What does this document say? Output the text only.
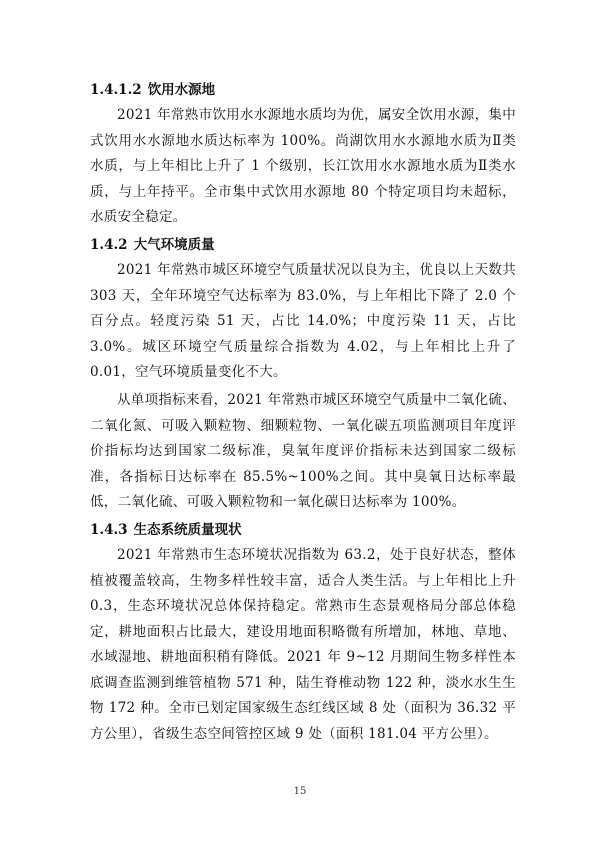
1.4.1.2 饮用水源地

2021 年常熟市饮用水水源地水质均为优，属安全饮用水源，集中式饮用水水源地水质达标率为 100%。尚湖饮用水水源地水质为Ⅱ类水质，与上年相比上升了 1 个级别，长江饮用水水源地水质为Ⅱ类水质，与上年持平。全市集中式饮用水源地 80 个特定项目均未超标，水质安全稳定。

1.4.2 大气环境质量

2021 年常熟市城区环境空气质量状况以良为主，优良以上天数共 303 天，全年环境空气达标率为 83.0%，与上年相比下降了 2.0 个百分点。轻度污染 51 天，占比 14.0%；中度污染 11 天，占比 3.0%。城区环境空气质量综合指数为 4.02，与上年相比上升了 0.01，空气环境质量变化不大。

从单项指标来看，2021 年常熟市城区环境空气质量中二氧化硫、二氧化氮、可吸入颗粒物、细颗粒物、一氧化碳五项监测项目年度评价指标均达到国家二级标准，臭氧年度评价指标未达到国家二级标准，各指标日达标率在 85.5%~100%之间。其中臭氧日达标率最低，二氧化硫、可吸入颗粒物和一氧化碳日达标率为 100%。

1.4.3 生态系统质量现状

2021 年常熟市生态环境状况指数为 63.2，处于良好状态，整体植被覆盖较高，生物多样性较丰富，适合人类生活。与上年相比上升 0.3，生态环境状况总体保持稳定。常熟市生态景观格局分部总体稳定，耕地面积占比最大，建设用地面积略微有所增加，林地、草地、水域湿地、耕地面积稍有降低。2021 年 9~12 月期间生物多样性本底调查监测到维管植物 571 种，陆生脊椎动物 122 种，淡水水生生物 172 种。全市已划定国家级生态红线区域 8 处（面积为 36.32 平方公里），省级生态空间管控区域 9 处（面积 181.04 平方公里）。

15
